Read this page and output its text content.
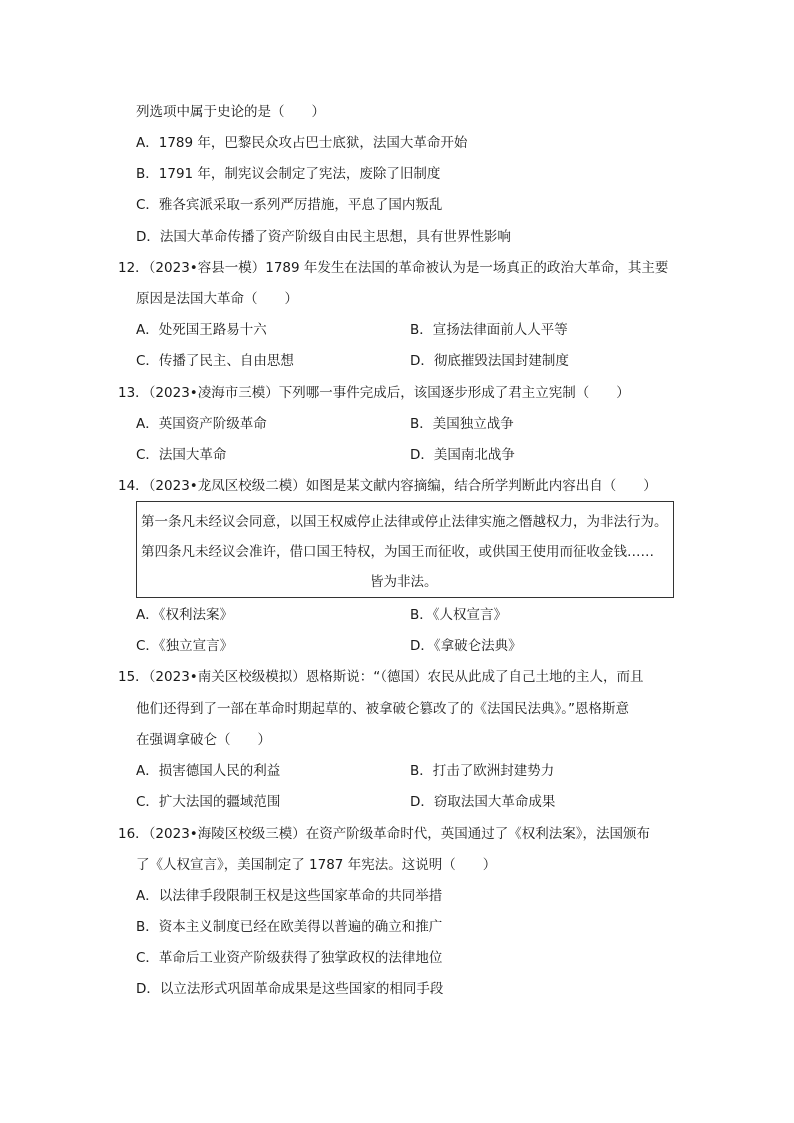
列选项中属于史论的是（　　）
A．1789 年，巴黎民众攻占巴士底狱，法国大革命开始
B．1791 年，制宪议会制定了宪法，废除了旧制度
C．雅各宾派采取一系列严厉措施，平息了国内叛乱
D．法国大革命传播了资产阶级自由民主思想，具有世界性影响
12．（2023•容县一模）1789 年发生在法国的革命被认为是一场真正的政治大革命，其主要
原因是法国大革命（　　）
A．处死国王路易十六	B．宣扬法律面前人人平等
C．传播了民主、自由思想	D．彻底摧毁法国封建制度
13．（2023•凌海市三模）下列哪一事件完成后，该国逐步形成了君主立宪制（　　）
A．英国资产阶级革命	B．美国独立战争
C．法国大革命	D．美国南北战争
14．（2023•龙凤区校级二模）如图是某文献内容摘编，结合所学判断此内容出自（　　）
第一条凡未经议会同意，以国王权威停止法律或停止法律实施之僭越权力，为非法行为。
第四条凡未经议会准许，借口国王特权，为国王而征收，或供国王使用而征收金钱……
皆为非法。
A．《权利法案》	B．《人权宣言》
C．《独立宣言》	D．《拿破仑法典》
15．（2023•南关区校级模拟）恩格斯说：“（德国）农民从此成了自己土地的主人，而且
他们还得到了一部在革命时期起草的、被拿破仑篡改了的《法国民法典》。”恩格斯意
在强调拿破仑（　　）
A．损害德国人民的利益	B．打击了欧洲封建势力
C．扩大法国的疆域范围	D．窃取法国大革命成果
16．（2023•海陵区校级三模）在资产阶级革命时代，英国通过了《权利法案》，法国颁布
了《人权宣言》，美国制定了 1787 年宪法。这说明（　　）
A．以法律手段限制王权是这些国家革命的共同举措
B．资本主义制度已经在欧美得以普遍的确立和推广
C．革命后工业资产阶级获得了独掌政权的法律地位
D．以立法形式巩固革命成果是这些国家的相同手段
